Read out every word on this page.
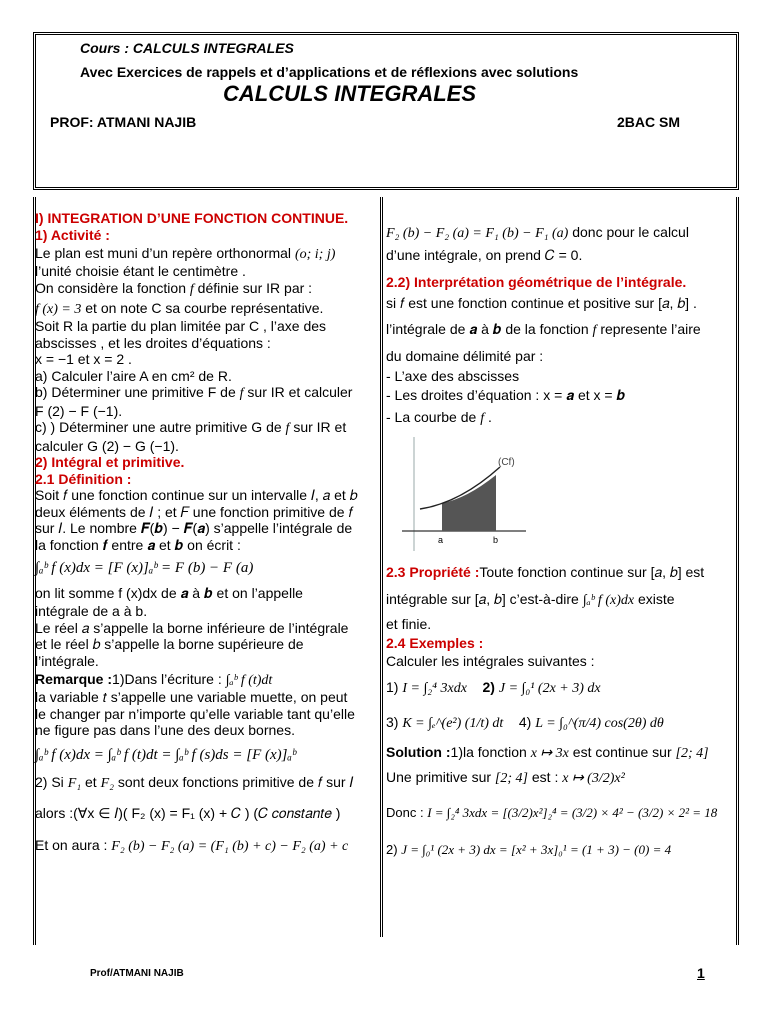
Cours : CALCULS INTEGRALES
Avec Exercices de rappels et d’applications et de réflexions avec solutions
CALCULS INTEGRALES
PROF: ATMANI NAJIB	2BAC SM
I) INTEGRATION D’UNE FONCTION CONTINUE.
1) Activité :
Le plan est muni d’un repère orthonormal (o; i; j)
l’unité choisie étant le centimètre .
On considère la fonction f définie sur IR par :
f (x) = 3 et on note C sa courbe représentative.
Soit R la partie du plan limitée par C , l’axe des
abscisses , et les droites d’équations :
x = −1 et x = 2 .
a) Calculer l’aire A en cm² de R.
b) Déterminer une primitive F de f sur IR et calculer
F (2) − F (−1).
c) ) Déterminer une autre primitive G de f sur IR et
calculer G (2) − G (−1).
2) Intégral et primitive.
2.1 Définition :
Soit 𝑓 une fonction continue sur un intervalle 𝐼, 𝑎 et 𝑏
deux éléments de 𝐼 ; et 𝐹 une fonction primitive de 𝑓
sur 𝐼. Le nombre 𝑭(𝒃) − 𝑭(𝒂) s’appelle l’intégrale de
la fonction 𝒇 entre 𝒂 et 𝒃 on écrit :
∫ₐᵇ f (x)dx = [F (x)]ₐᵇ = F (b) − F (a)
on lit somme f (x)dx de 𝒂 à 𝒃 et on l’appelle
intégrale de a à b.
Le réel 𝑎 s’appelle la borne inférieure de l’intégrale
et le réel 𝑏 s’appelle la borne supérieure de
l’intégrale.
Remarque :1)Dans l’écriture : ∫ₐᵇ f (t)dt
la variable 𝑡 s’appelle une variable muette, on peut
le changer par n’importe qu’elle variable tant qu’elle
ne figure pas dans l’une des deux bornes.
∫ₐᵇ f (x)dx = ∫ₐᵇ f (t)dt = ∫ₐᵇ f (s)ds = [F (x)]ₐᵇ
2) Si F₁ et F₂ sont deux fonctions primitive de 𝑓 sur 𝐼
alors :(∀x ∈ 𝐼)( F₂ (x) = F₁ (x) + 𝐶 ) (𝐶 𝑐𝑜𝑛𝑠𝑡𝑎𝑛𝑡𝑒 )
Et on aura : F₂ (b) − F₂ (a) = (F₁ (b) + c) − F₂ (a) + c
F₂ (b) − F₂ (a) = F₁ (b) − F₁ (a) donc pour le calcul
d’une intégrale, on prend 𝐶 = 0.
2.2) Interprétation géométrique de l’intégrale.
si 𝑓 est une fonction continue et positive sur [𝑎, 𝑏] .
l’intégrale de 𝒂 à 𝒃 de la fonction f represente l’aire
du domaine délimité par :
- L’axe des abscisses
- Les droites d’équation : x = 𝒂 et x = 𝒃
- La courbe de f .
(Cf)
a	b
2.3 Propriété :Toute fonction continue sur [𝑎, 𝑏] est
intégrable sur [𝑎, 𝑏] c’est-à-dire ∫ₐᵇ f (x)dx existe
et finie.
2.4 Exemples :
Calculer les intégrales suivantes :
1) I = ∫₂⁴ 3xdx 2) J = ∫₀¹ (2x + 3) dx
3) K = ∫ₑ^(e²) (1/t) dt 4) L = ∫₀^(π/4) cos(2θ) dθ
Solution :1)la fonction x ↦ 3x est continue sur [2; 4]
Une primitive sur [2; 4] est : x ↦ (3/2)x²
Donc : I = ∫₂⁴ 3xdx = [(3/2)x²]₂⁴ = (3/2) × 4² − (3/2) × 2² = 18
2) J = ∫₀¹ (2x + 3) dx = [x² + 3x]₀¹ = (1 + 3) − (0) = 4
Prof/ATMANI NAJIB	1
